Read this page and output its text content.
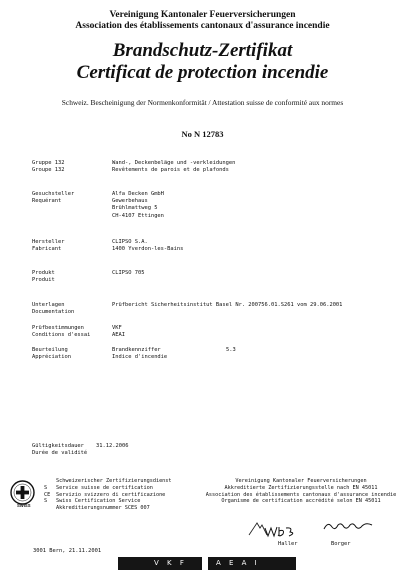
Vereinigung Kantonaler Feuerversicherungen
Association des établissements cantonaux d'assurance incendie
Brandschutz-Zertifikat
Certificat de protection incendie
Schweiz. Bescheinigung der Normenkonformität / Attestation suisse de conformité aux normes
No N 12783
Gruppe 132
Groupe 132
Wand-, Deckenbeläge und -verkleidungen
Revêtements de parois et de plafonds
Gesuchsteller
Requérant
Alfa Decken GmbH
Gewerbehaus
Brühlmattweg 5
CH-4107 Ettingen
Hersteller
Fabricant
CLIPSO S.A.
1400 Yverdon-les-Bains
Produkt
Produit
CLIPSO 705
Unterlagen
Documentation
Prüfbericht Sicherheitsinstitut Basel Nr. 200756.01.S261 vom 29.06.2001
Prüfbestimmungen
Conditions d'essai
VKF
AEAI
Beurteilung
Appréciation
Brandkennziffer
Indice d'incendie
5.3
Gültigkeitsdauer
Durée de validité
31.12.2006
SWISS
Schweizerischer Zertifizierungsdienst
S Service suisse de certification
CE Servizio svizzero di certificazione
S Swiss Certification Service
Akkreditierungsnummer SCES 007
Vereinigung Kantonaler Feuerversicherungen
Akkreditierte Zertifizierungsstelle nach EN 45011
Association des établissements cantonaux d'assurance incendie
Organisme de certification accrédité selon EN 45011
Haller	Borger
3001 Bern, 21.11.2001
V K F	A E A I
